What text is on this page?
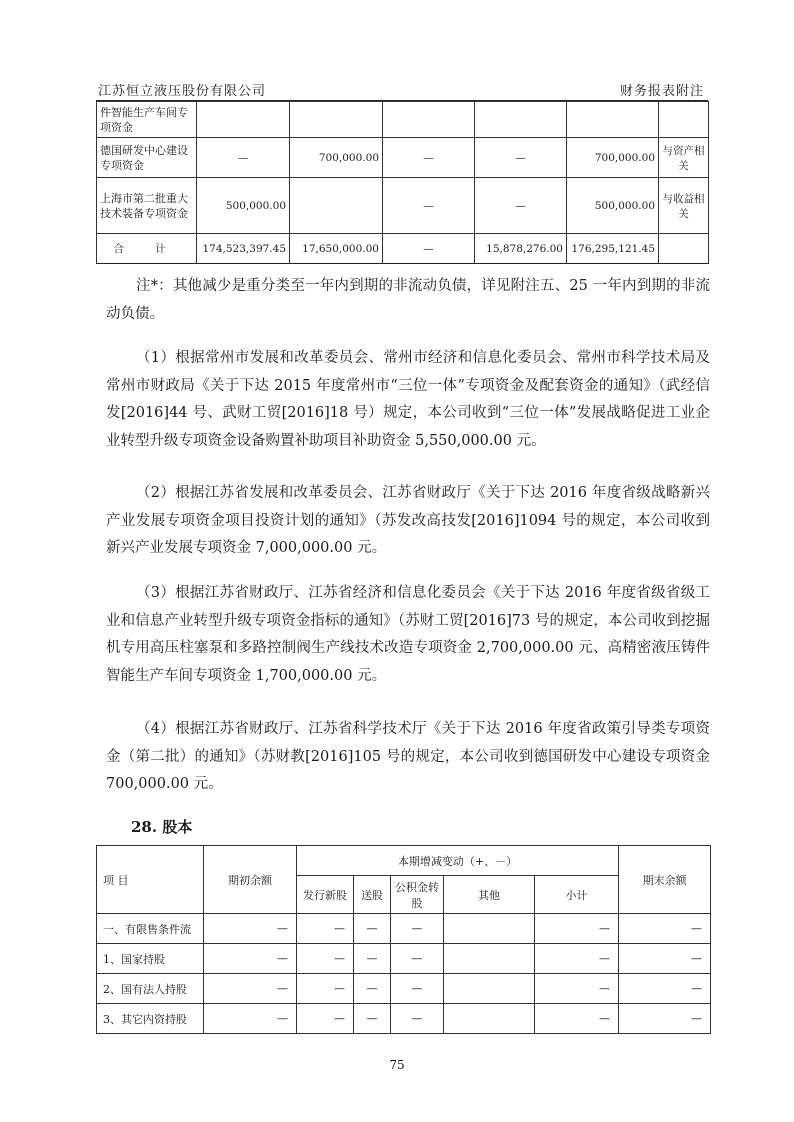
江苏恒立液压股份有限公司	财务报表附注
件智能生产车间专项资金						
德国研发中心建设专项资金	—	700,000.00	—	—	700,000.00	与资产相关
上海市第二批重大技术装备专项资金	500,000.00		—	—	500,000.00	与收益相关
合 计	174,523,397.45	17,650,000.00	—	15,878,276.00	176,295,121.45	
注*：其他减少是重分类至一年内到期的非流动负债，详见附注五、25 一年内到期的非流动负债。
（1）根据常州市发展和改革委员会、常州市经济和信息化委员会、常州市科学技术局及常州市财政局《关于下达 2015 年度常州市“三位一体”专项资金及配套资金的通知》（武经信发[2016]44 号、武财工贸[2016]18 号）规定，本公司收到“三位一体”发展战略促进工业企业转型升级专项资金设备购置补助项目补助资金 5,550,000.00 元。
（2）根据江苏省发展和改革委员会、江苏省财政厅《关于下达 2016 年度省级战略新兴产业发展专项资金项目投资计划的通知》（苏发改高技发[2016]1094 号的规定，本公司收到新兴产业发展专项资金 7,000,000.00 元。
（3）根据江苏省财政厅、江苏省经济和信息化委员会《关于下达 2016 年度省级省级工业和信息产业转型升级专项资金指标的通知》（苏财工贸[2016]73 号的规定，本公司收到挖掘机专用高压柱塞泵和多路控制阀生产线技术改造专项资金 2,700,000.00 元、高精密液压铸件智能生产车间专项资金 1,700,000.00 元。
（4）根据江苏省财政厅、江苏省科学技术厅《关于下达 2016 年度省政策引导类专项资金（第二批）的通知》（苏财教[2016]105 号的规定，本公司收到德国研发中心建设专项资金 700,000.00 元。
28. 股本
项 目	期初余额	本期增减变动（+、－）					期末余额
		发行新股	送股	公积金转股	其他	小计	
一、有限售条件流	—	—	—	—		—	—
1、国家持股	—	—	—	—		—	—
2、国有法人持股	—	—	—	—		—	—
3、其它内资持股	—	—	—	—		—	—
75
